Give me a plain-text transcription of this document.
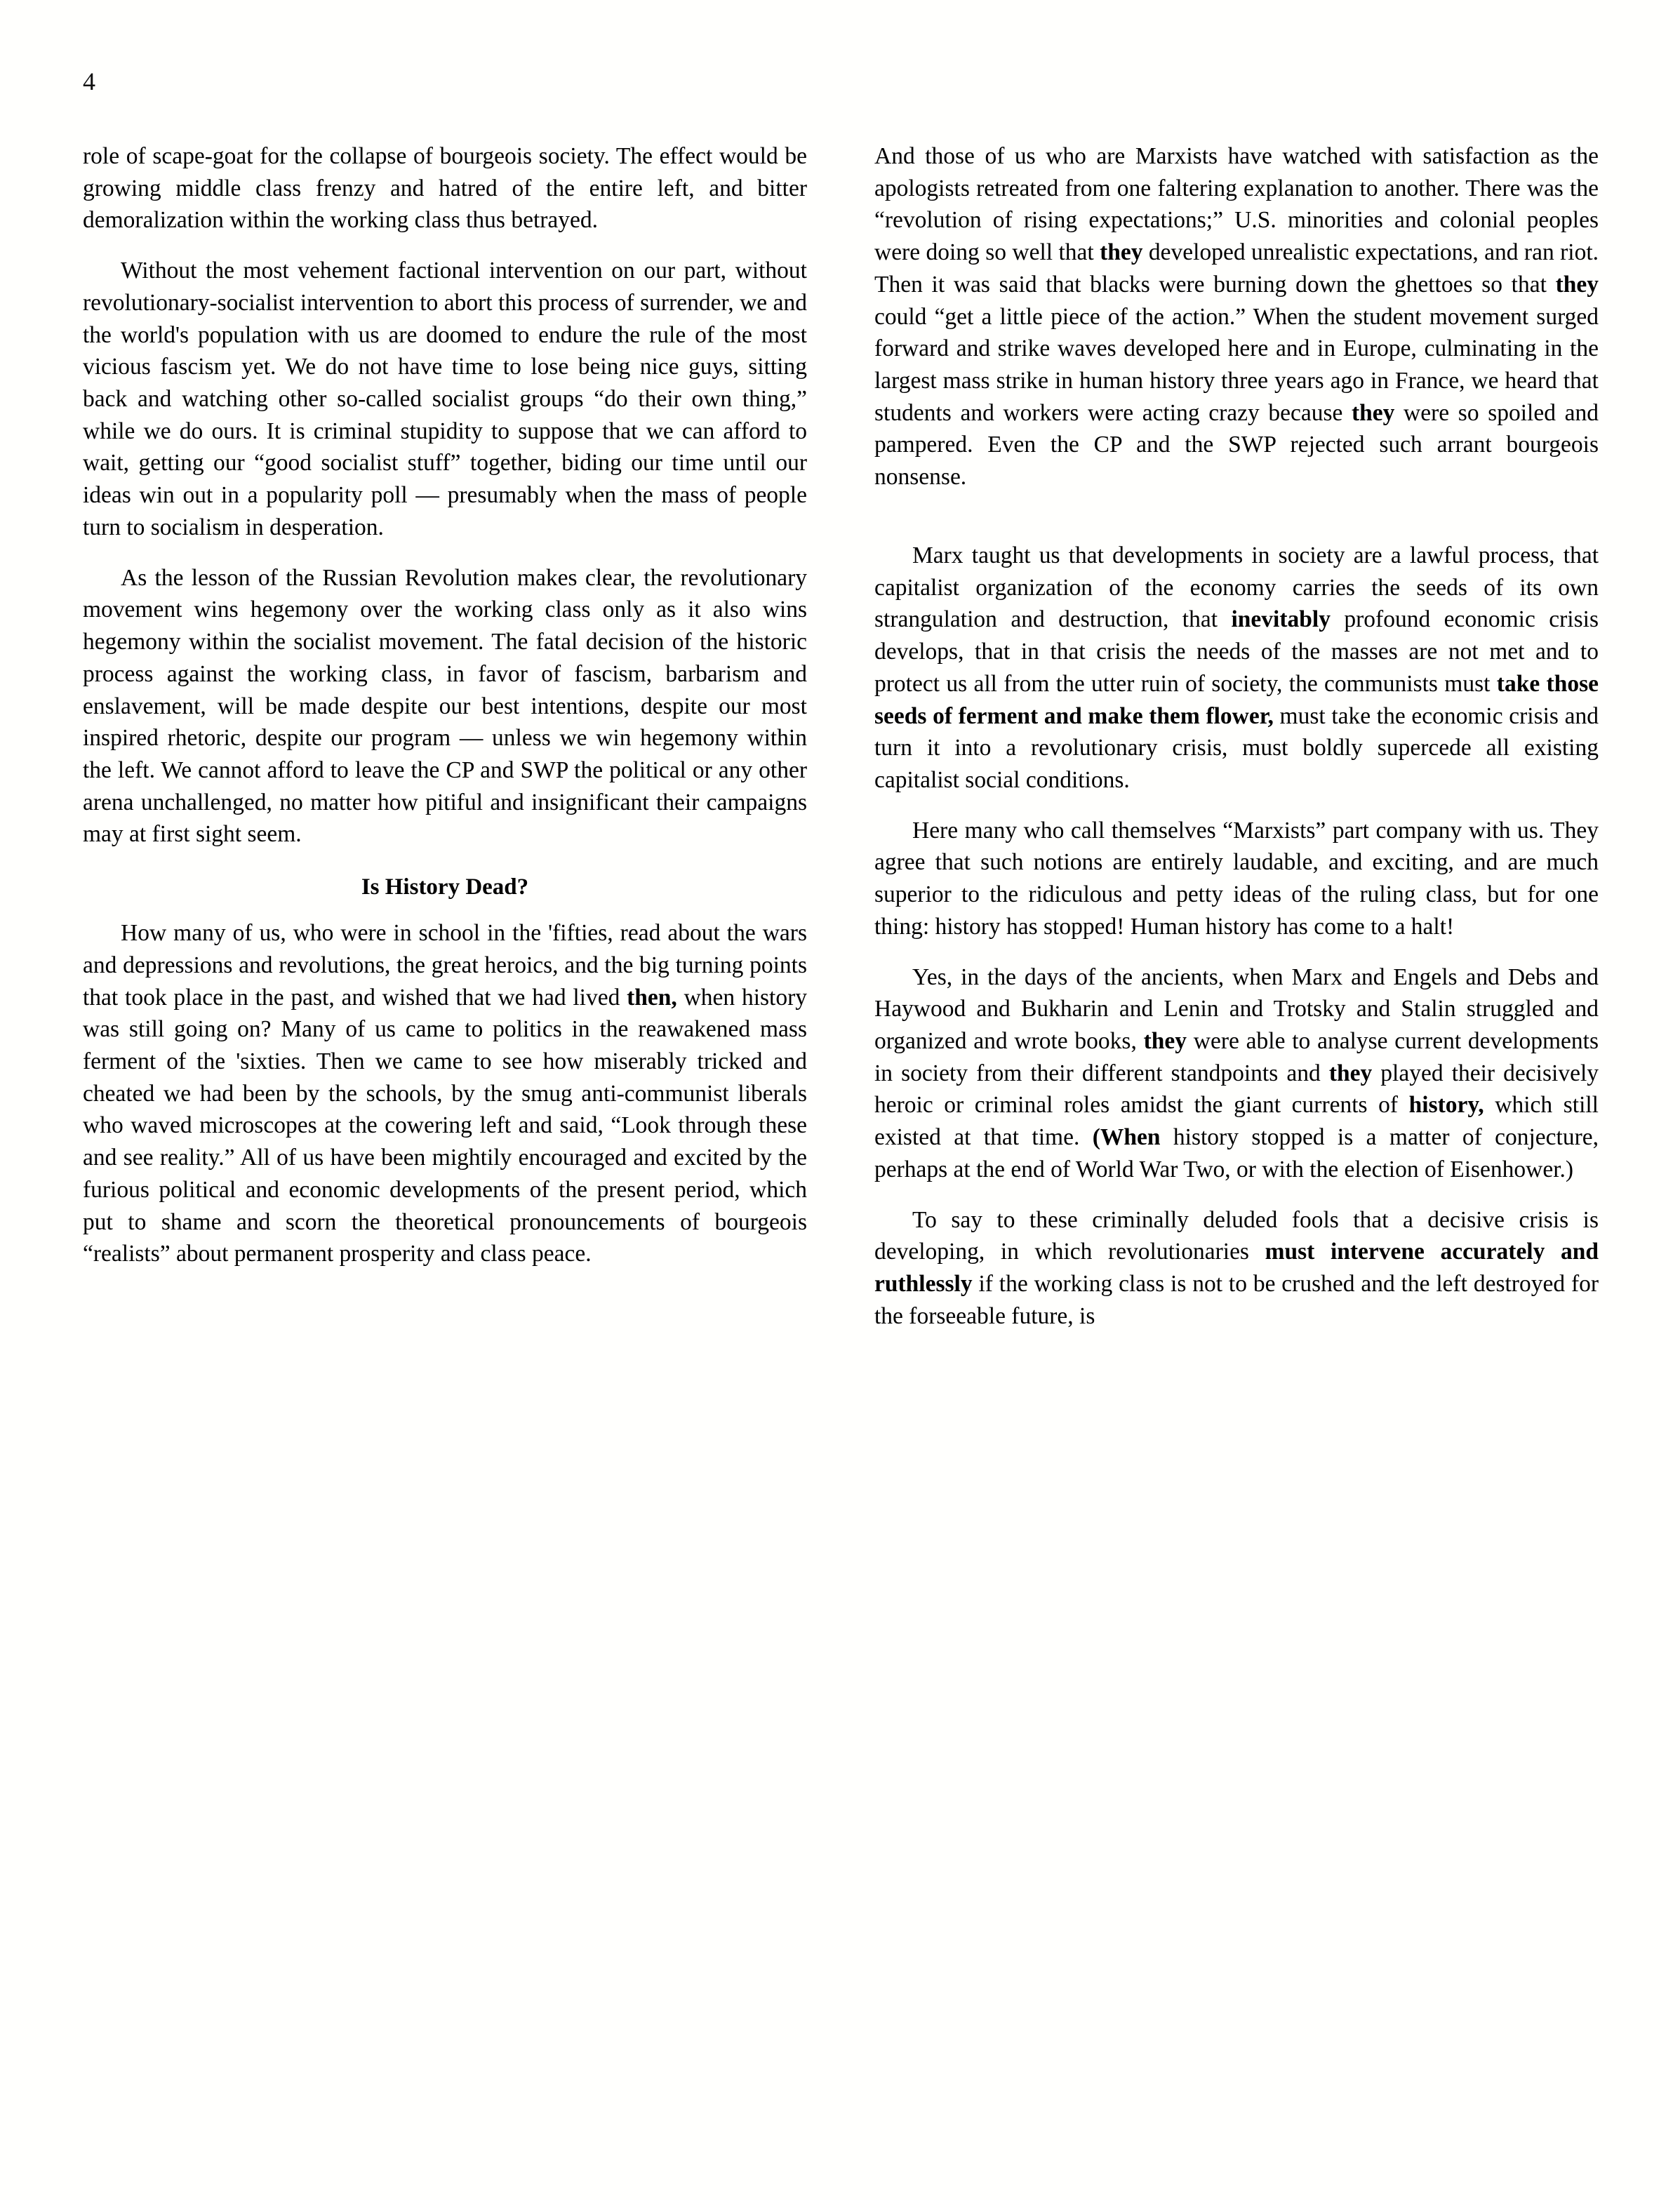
4

role of scape-goat for the collapse of bourgeois society. The effect would be growing middle class frenzy and hatred of the entire left, and bitter demoralization within the working class thus betrayed.

Without the most vehement factional intervention on our part, without revolutionary-socialist intervention to abort this process of surrender, we and the world's population with us are doomed to endure the rule of the most vicious fascism yet. We do not have time to lose being nice guys, sitting back and watching other so-called socialist groups “do their own thing,” while we do ours. It is criminal stupidity to suppose that we can afford to wait, getting our “good socialist stuff” together, biding our time until our ideas win out in a popularity poll — presumably when the mass of people turn to socialism in desperation.

As the lesson of the Russian Revolution makes clear, the revolutionary movement wins hegemony over the working class only as it also wins hegemony within the socialist movement. The fatal decision of the historic process against the working class, in favor of fascism, barbarism and enslavement, will be made despite our best intentions, despite our most inspired rhetoric, despite our program — unless we win hegemony within the left. We cannot afford to leave the CP and SWP the political or any other arena unchallenged, no matter how pitiful and insignificant their campaigns may at first sight seem.

Is History Dead?

How many of us, who were in school in the 'fifties, read about the wars and depressions and revolutions, the great heroics, and the big turning points that took place in the past, and wished that we had lived then, when history was still going on? Many of us came to politics in the reawakened mass ferment of the 'sixties. Then we came to see how miserably tricked and cheated we had been by the schools, by the smug anti-communist liberals who waved microscopes at the cowering left and said, “Look through these and see reality.” All of us have been mightily encouraged and excited by the furious political and economic developments of the present period, which put to shame and scorn the theoretical pronouncements of bourgeois “realists” about permanent prosperity and class peace.

And those of us who are Marxists have watched with satisfaction as the apologists retreated from one faltering explanation to another. There was the “revolution of rising expectations;” U.S. minorities and colonial peoples were doing so well that they developed unrealistic expectations, and ran riot. Then it was said that blacks were burning down the ghettoes so that they could “get a little piece of the action.” When the student movement surged forward and strike waves developed here and in Europe, culminating in the largest mass strike in human history three years ago in France, we heard that students and workers were acting crazy because they were so spoiled and pampered. Even the CP and the SWP rejected such arrant bourgeois nonsense.

Marx taught us that developments in society are a lawful process, that capitalist organization of the economy carries the seeds of its own strangulation and destruction, that inevitably profound economic crisis develops, that in that crisis the needs of the masses are not met and to protect us all from the utter ruin of society, the communists must take those seeds of ferment and make them flower, must take the economic crisis and turn it into a revolutionary crisis, must boldly supercede all existing capitalist social conditions.

Here many who call themselves “Marxists” part company with us. They agree that such notions are entirely laudable, and exciting, and are much superior to the ridiculous and petty ideas of the ruling class, but for one thing: history has stopped! Human history has come to a halt!

Yes, in the days of the ancients, when Marx and Engels and Debs and Haywood and Bukharin and Lenin and Trotsky and Stalin struggled and organized and wrote books, they were able to analyse current developments in society from their different standpoints and they played their decisively heroic or criminal roles amidst the giant currents of history, which still existed at that time. (When history stopped is a matter of conjecture, perhaps at the end of World War Two, or with the election of Eisenhower.)

To say to these criminally deluded fools that a decisive crisis is developing, in which revolutionaries must intervene accurately and ruthlessly if the working class is not to be crushed and the left destroyed for the forseeable future, is
